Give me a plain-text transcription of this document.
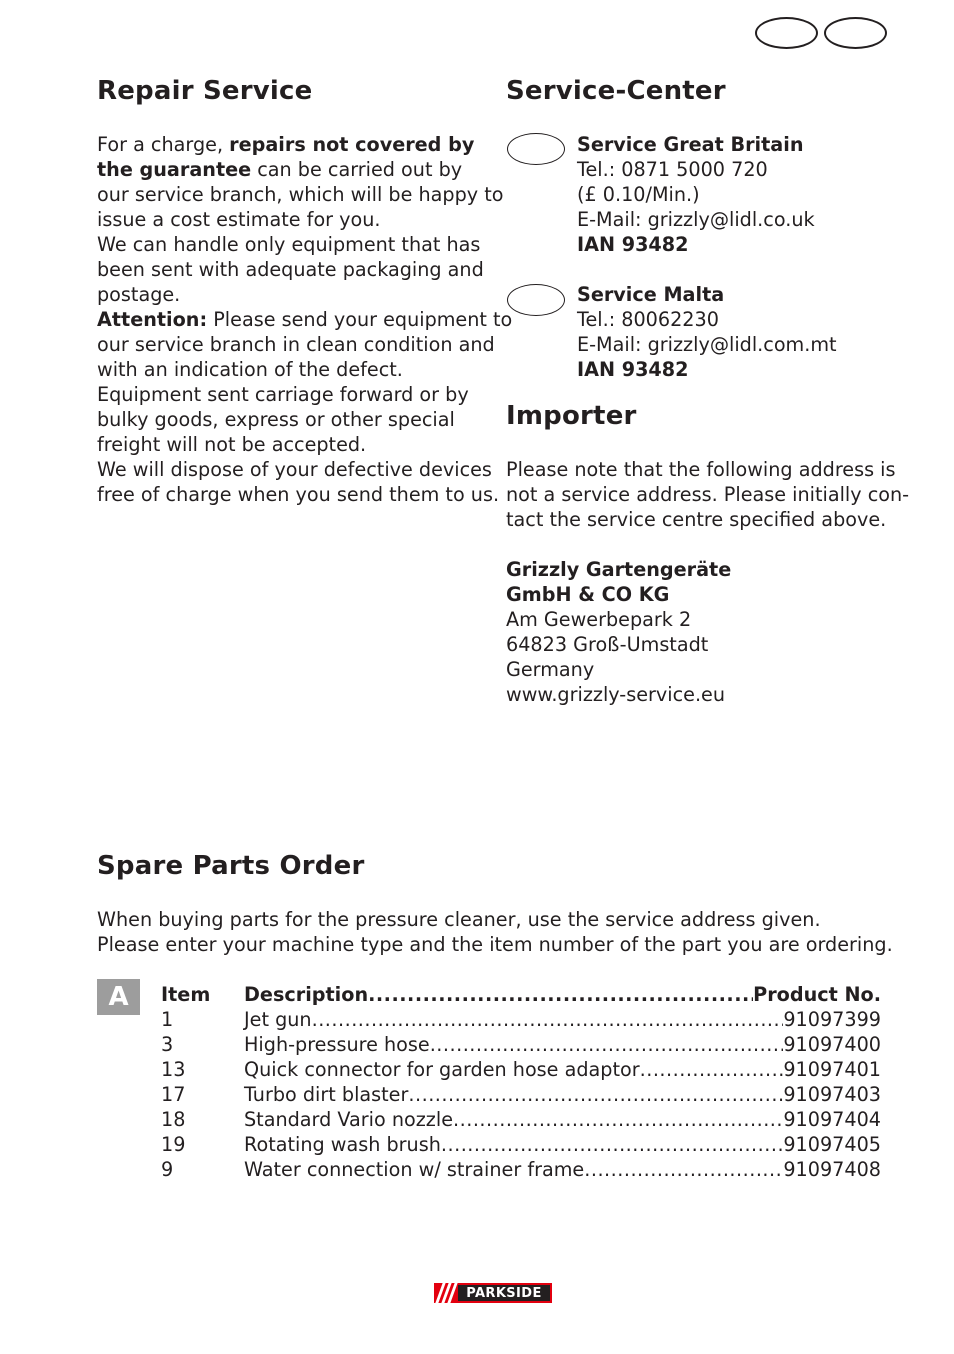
Repair Service
For a charge, repairs not covered by
the guarantee can be carried out by
our service branch, which will be happy to
issue a cost estimate for you.
We can handle only equipment that has
been sent with adequate packaging and
postage.
Attention: Please send your equipment to
our service branch in clean condition and
with an indication of the defect.
Equipment sent carriage forward or by
bulky goods, express or other special
freight will not be accepted.
We will dispose of your defective devices
free of charge when you send them to us.
Service-Center
Service Great Britain
Tel.: 0871 5000 720
(£ 0.10/Min.)
E-Mail: grizzly@lidl.co.uk
IAN 93482
Service Malta
Tel.: 80062230
E-Mail: grizzly@lidl.com.mt
IAN 93482
Importer
Please note that the following address is
not a service address. Please initially con-
tact the service centre specified above.
Grizzly Gartengeräte
GmbH & CO KG
Am Gewerbepark 2
64823 Groß-Umstadt
Germany
www.grizzly-service.eu
Spare Parts Order
When buying parts for the pressure cleaner, use the service address given.
Please enter your machine type and the item number of the part you are ordering.
A	Item	Description .....	Product No.
1	Jet gun .....	91097399
3	High-pressure hose .....	91097400
13	Quick connector for garden hose adaptor .....	91097401
17	Turbo dirt blaster .....	91097403
18	Standard Vario nozzle .....	91097404
19	Rotating wash brush .....	91097405
9	Water connection w/ strainer frame .....	91097408
PARKSIDE
